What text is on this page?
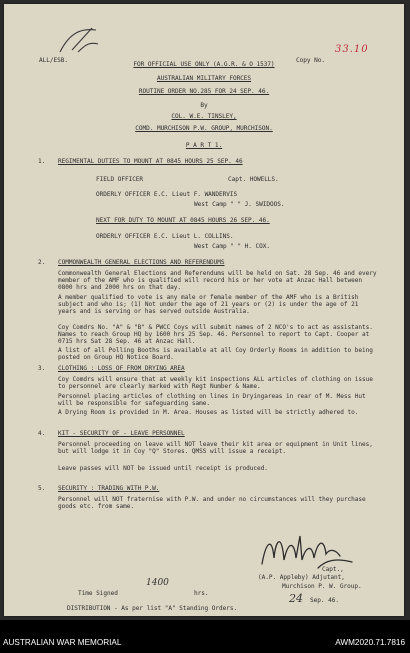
ALL/ESB.	Copy No.
33.10
FOR OFFICIAL USE ONLY (A.G.R. & O 1537)
AUSTRALIAN MILITARY FORCES
ROUTINE ORDER NO.285 FOR 24 SEP. 46.
By
COL. W.E. TINSLEY,
COMD. MURCHISON P.W. GROUP, MURCHISON.
P A R T 1.
1. REGIMENTAL DUTIES TO MOUNT AT 0845 HOURS 25 SEP. 46
FIELD OFFICER	Capt. HOWELLS.
ORDERLY OFFICER E.C. Lieut F. WANDERVIS
West Camp " " J. SWIDOOS.
NEXT FOR DUTY TO MOUNT AT 0845 HOURS 26 SEP. 46.
ORDERLY OFFICER E.C. Lieut L. COLLINS.
West Camp " " H. COX.
2. COMMONWEALTH GENERAL ELECTIONS AND REFERENDUMS
Commonwealth General Elections and Referendums will be held on Sat. 28 Sep. 46 and every member of the AMF who is qualified will record his or her vote at Anzac Hall between 0800 hrs and 2000 hrs on that day.
A member qualified to vote is any male or female member of the AMF who is a British subject and who is; (1) Not under the age of 21 years or (2) is under the age of 21 years and is serving or has served outside Australia.
Coy Comdrs No. "A" & "B" & PWCC Coys will submit names of 2 NCO's to act as assistants. Names to reach Group HQ by 1600 hrs 25 Sep. 46. Personnel to report to Capt. Cooper at 0715 hrs Sat 28 Sep. 46 at Anzac Hall.
A list of all Polling Booths is available at all Coy Orderly Rooms in addition to being posted on Group HQ Notice Board.
3. CLOTHING : LOSS OF FROM DRYING AREA
Coy Comdrs will ensure that at weekly kit inspections ALL articles of clothing on issue to personnel are clearly marked with Regt Number & Name.
Personnel placing articles of clothing on lines in Dryingareas in rear of M. Mess Hut will be responsible for safeguarding same.
A Drying Room is provided in M. Area. Houses as listed will be strictly adhered to.
4. KIT - SECURITY OF - LEAVE PERSONNEL
Personnel proceeding on leave will NOT leave their kit area or equipment in Unit lines, but will lodge it in Coy "Q" Stores. QMSS will issue a receipt.
Leave passes will NOT be issued until receipt is produced.
5. SECURITY : TRADING WITH P.W.
Personnel will NOT fraternise with P.W. and under no circumstances will they purchase goods etc. from same.
Capt.,
(A.P. Appleby) Adjutant,
Murchison P. W. Group.
Time Signed
1400
hrs.	24 Sep. 46.
DISTRIBUTION - As per list "A" Standing Orders.
AUSTRALIAN WAR MEMORIAL	AWM2020.71.7816
